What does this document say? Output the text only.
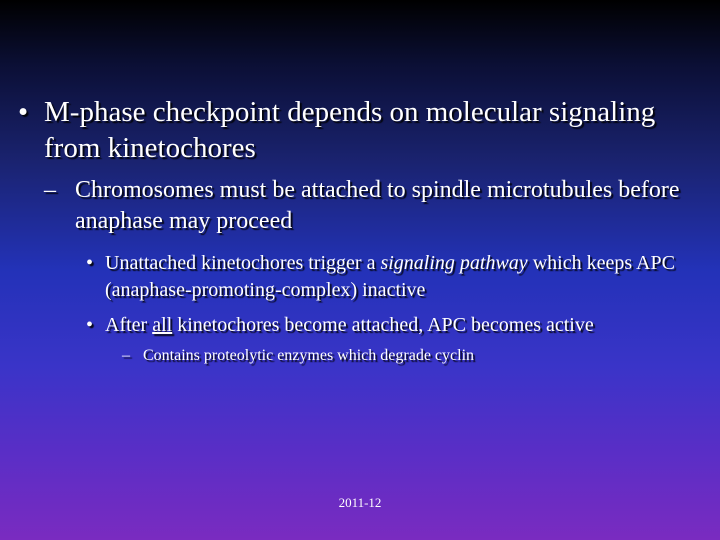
• M-phase checkpoint depends on molecular signaling from kinetochores
– Chromosomes must be attached to spindle microtubules before anaphase may proceed
• Unattached kinetochores trigger a signaling pathway which keeps APC (anaphase-promoting-complex) inactive
• After all kinetochores become attached, APC becomes active
– Contains proteolytic enzymes which degrade cyclin
2011-12
